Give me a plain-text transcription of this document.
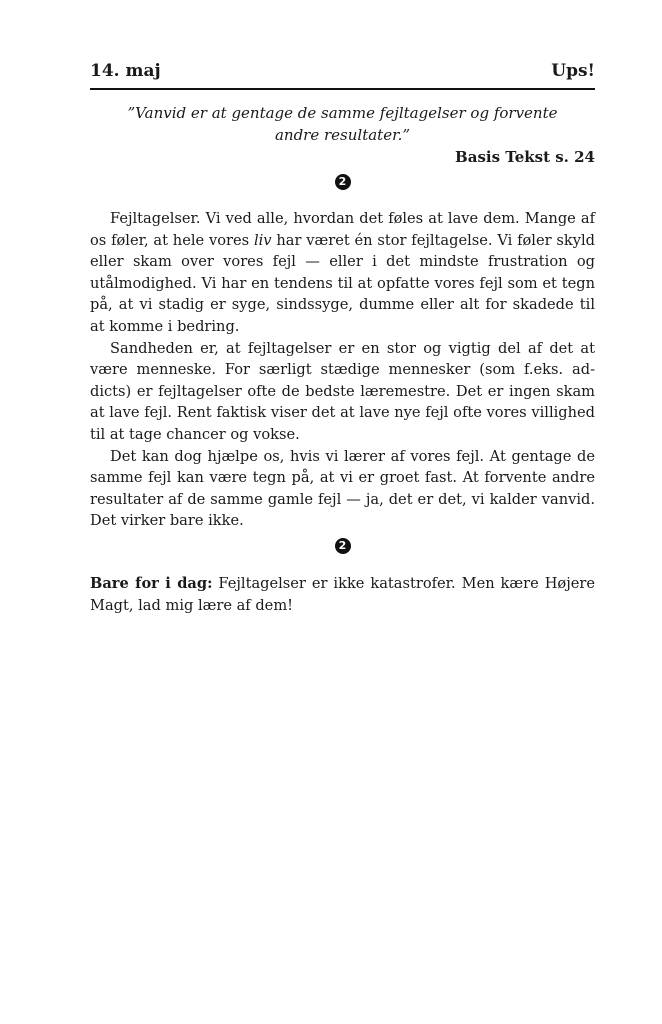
14. maj	Ups!
”Vanvid er at gentage de samme fejltagelser og forvente andre resultater.”
Basis Tekst s. 24
2

Fejltagelser. Vi ved alle, hvordan det føles at lave dem. Mange af os føler, at hele vores liv har været én stor fejltagelse. Vi føler skyld eller skam over vores fejl — eller i det mindste frustration og utålmodighed. Vi har en tendens til at opfatte vores fejl som et tegn på, at vi stadig er syge, sindssyge, dumme eller alt for skadede til at komme i bedring.

Sandheden er, at fejltagelser er en stor og vigtig del af det at være menneske. For særligt stædige mennesker (som f.eks. addicts) er fejltagelser ofte de bedste læremestre. Det er ingen skam at lave fejl. Rent faktisk viser det at lave nye fejl ofte vores villighed til at tage chancer og vokse.

Det kan dog hjælpe os, hvis vi lærer af vores fejl. At gentage de samme fejl kan være tegn på, at vi er groet fast. At forvente andre resultater af de samme gamle fejl — ja, det er det, vi kalder vanvid. Det virker bare ikke.

2
Bare for i dag: Fejltagelser er ikke katastrofer. Men kære Højere Magt, lad mig lære af dem!
